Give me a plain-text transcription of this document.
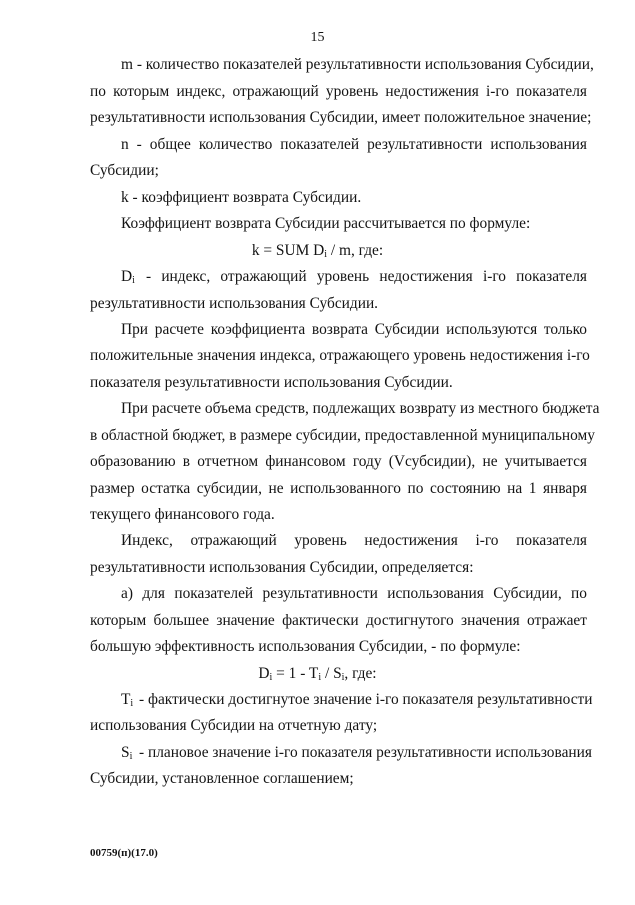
15
m - количество показателей результативности использования Субсидии,
по которым индекс, отражающий уровень недостижения i-го показателя
результативности использования Субсидии, имеет положительное значение;
n - общее количество показателей результативности использования
Субсидии;
k - коэффициент возврата Субсидии.
Коэффициент возврата Субсидии рассчитывается по формуле:
k = SUM $D_i$ / m, где:
$D_i$ - индекс, отражающий уровень недостижения i-го показателя
результативности использования Субсидии.
При расчете коэффициента возврата Субсидии используются только
положительные значения индекса, отражающего уровень недостижения i-го
показателя результативности использования Субсидии.
При расчете объема средств, подлежащих возврату из местного бюджета
в областной бюджет, в размере субсидии, предоставленной муниципальному
образованию в отчетном финансовом году (Vсубсидии), не учитывается
размер остатка субсидии, не использованного по состоянию на 1 января
текущего финансового года.
Индекс, отражающий уровень недостижения i-го показателя
результативности использования Субсидии, определяется:
а) для показателей результативности использования Субсидии, по
которым большее значение фактически достигнутого значения отражает
большую эффективность использования Субсидии, - по формуле:
$D_i = 1 - T_i / S_i$, где:
$T_i$ - фактически достигнутое значение i-го показателя результативности
использования Субсидии на отчетную дату;
$S_i$ - плановое значение i-го показателя результативности использования
Субсидии, установленное соглашением;
00759(п)(17.0)
